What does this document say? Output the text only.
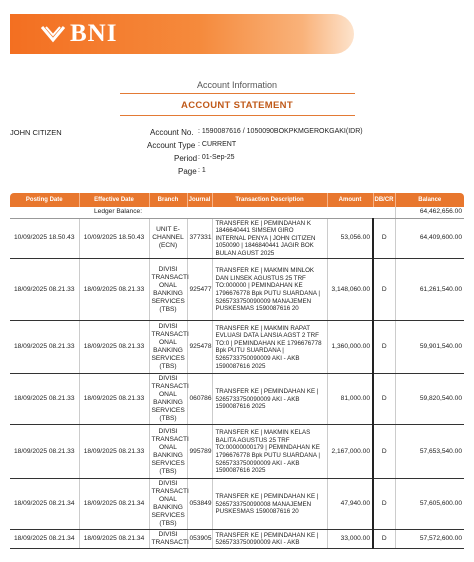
BNI
Account Information
ACCOUNT STATEMENT
JOHN CITIZEN	Account No. : 1590087616 / 1050090BOKPKMGEROKGAKI(IDR)
Account Type : CURRENT
Period : 01-Sep-25
Page : 1
Posting Date	Effective Date	Branch	Journal	Transaction Description	Amount	DB/CR	Balance
Ledger Balance:							64,462,656.00
10/09/2025 18.50.43	10/09/2025 18.50.43	UNIT E-CHANNEL (ECN)	377331	TRANSFER KE | PEMINDAHAN K 1846640441 SIMSEM GIRO INTERNAL PENYA | JOHN CITIZEN 1050090 | 1846840441 JAGIR BOK BULAN AGUST 2025	53,056.00	D	64,409,600.00
18/09/2025 08.21.33	18/09/2025 08.21.33	DIVISI TRANSACTI ONAL BANKING SERVICES (TBS)	925477	TRANSFER KE | MAKMIN MINLOK DAN LINSEK AGUSTUS 25 TRF TO:000000 | PEMINDAHAN KE 1796676778 Bpk PUTU SUARDANA | 5265733750090009 MANAJEMEN PUSKESMAS 1590087616 20	3,148,060.00	D	61,261,540.00
18/09/2025 08.21.33	18/09/2025 08.21.33	DIVISI TRANSACTI ONAL BANKING SERVICES (TBS)	925478	TRANSFER KE | MAKMIN RAPAT EVLUASI DATA LANSIA AGST 2 TRF TO:0 | PEMINDAHAN KE 1796676778 Bpk PUTU SUARDANA | 5265733750090009 AKI - AKB 1590087616 2025	1,360,000.00	D	59,901,540.00
18/09/2025 08.21.33	18/09/2025 08.21.33	DIVISI TRANSACTI ONAL BANKING SERVICES (TBS)	060786	TRANSFER KE | PEMINDAHAN KE | 5265733750090009 AKI - AKB 1590087616 2025	81,000.00	D	59,820,540.00
18/09/2025 08.21.33	18/09/2025 08.21.33	DIVISI TRANSACTI ONAL BANKING SERVICES (TBS)	995789	TRANSFER KE | MAKMIN KELAS BALITA AGUSTUS 25 TRF TO:00000000179 | PEMINDAHAN KE 1796676778 Bpk PUTU SUARDANA | 5265733750090009 AKI - AKB 1590087616 2025	2,167,000.00	D	57,653,540.00
18/09/2025 08.21.34	18/09/2025 08.21.34	DIVISI TRANSACTI ONAL BANKING SERVICES (TBS)	053849	TRANSFER KE | PEMINDAHAN KE | 5265733750090008 MANAJEMEN PUSKESMAS 1590087616 20	47,940.00	D	57,605,600.00
18/09/2025 08.21.34	18/09/2025 08.21.34	DIVISI TRANSACTI	053905	TRANSFER KE | PEMINDAHAN KE | 5265733750090009 AKI - AKB	33,000.00	D	57,572,600.00
